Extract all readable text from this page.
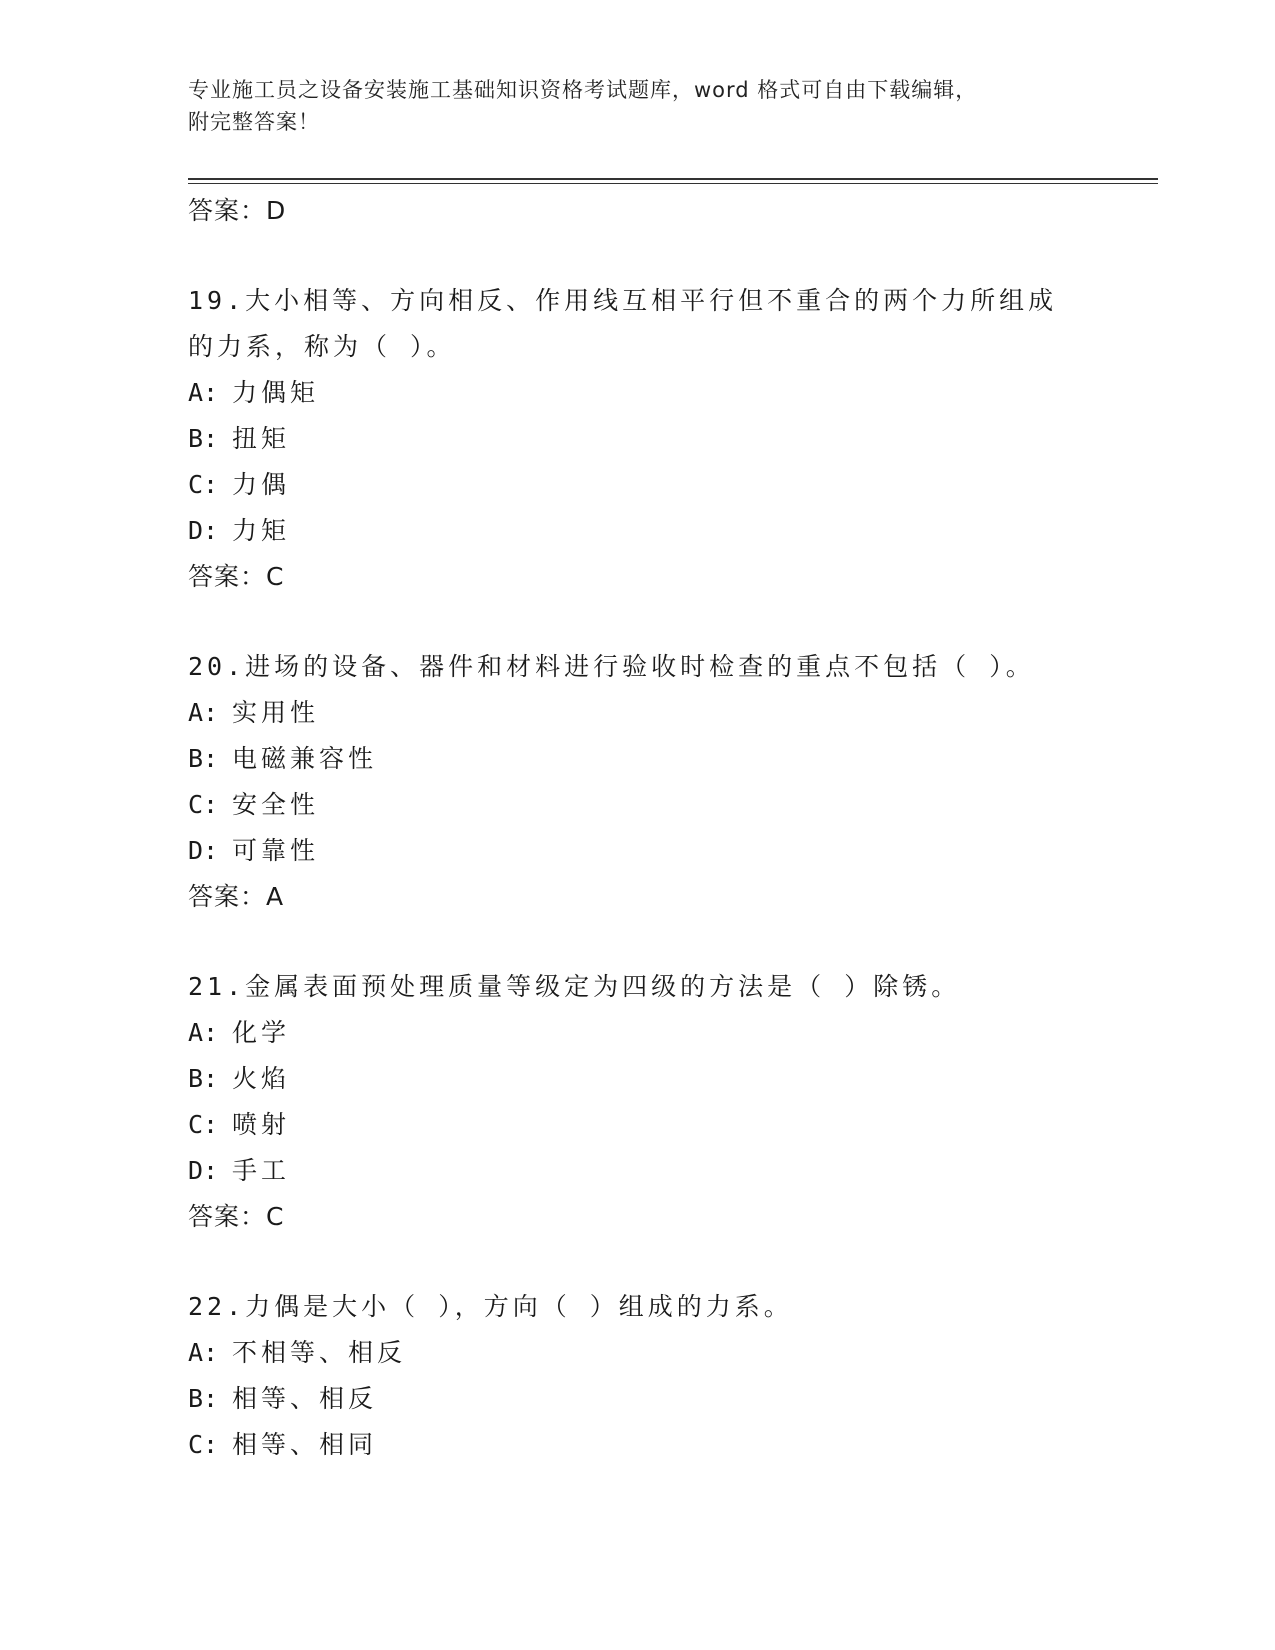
专业施工员之设备安装施工基础知识资格考试题库，word 格式可自由下载编辑，
附完整答案！
答案：D
19.大小相等、方向相反、作用线互相平行但不重合的两个力所组成的力系，称为（ ）。
A: 力偶矩
B: 扭矩
C: 力偶
D: 力矩
答案：C
20.进场的设备、器件和材料进行验收时检查的重点不包括（ ）。
A: 实用性
B: 电磁兼容性
C: 安全性
D: 可靠性
答案：A
21.金属表面预处理质量等级定为四级的方法是（ ）除锈。
A: 化学
B: 火焰
C: 喷射
D: 手工
答案：C
22.力偶是大小（ ），方向（ ）组成的力系。
A: 不相等、相反
B: 相等、相反
C: 相等、相同
